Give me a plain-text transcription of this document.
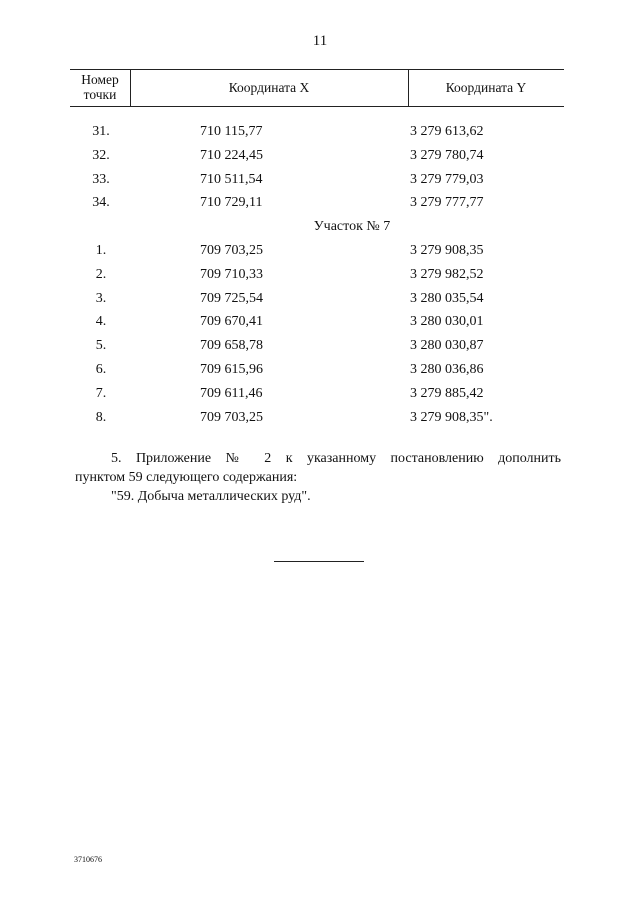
11
Номер
точки	Координата X	Координата Y
31.	710 115,77	3 279 613,62
32.	710 224,45	3 279 780,74
33.	710 511,54	3 279 779,03
34.	710 729,11	3 279 777,77
Участок № 7
1.	709 703,25	3 279 908,35
2.	709 710,33	3 279 982,52
3.	709 725,54	3 280 035,54
4.	709 670,41	3 280 030,01
5.	709 658,78	3 280 030,87
6.	709 615,96	3 280 036,86
7.	709 611,46	3 279 885,42
8.	709 703,25	3 279 908,35".

5. Приложение № 2 к указанному постановлению дополнить

пунктом 59 следующего содержания:

"59. Добыча металлических руд".

3710676
